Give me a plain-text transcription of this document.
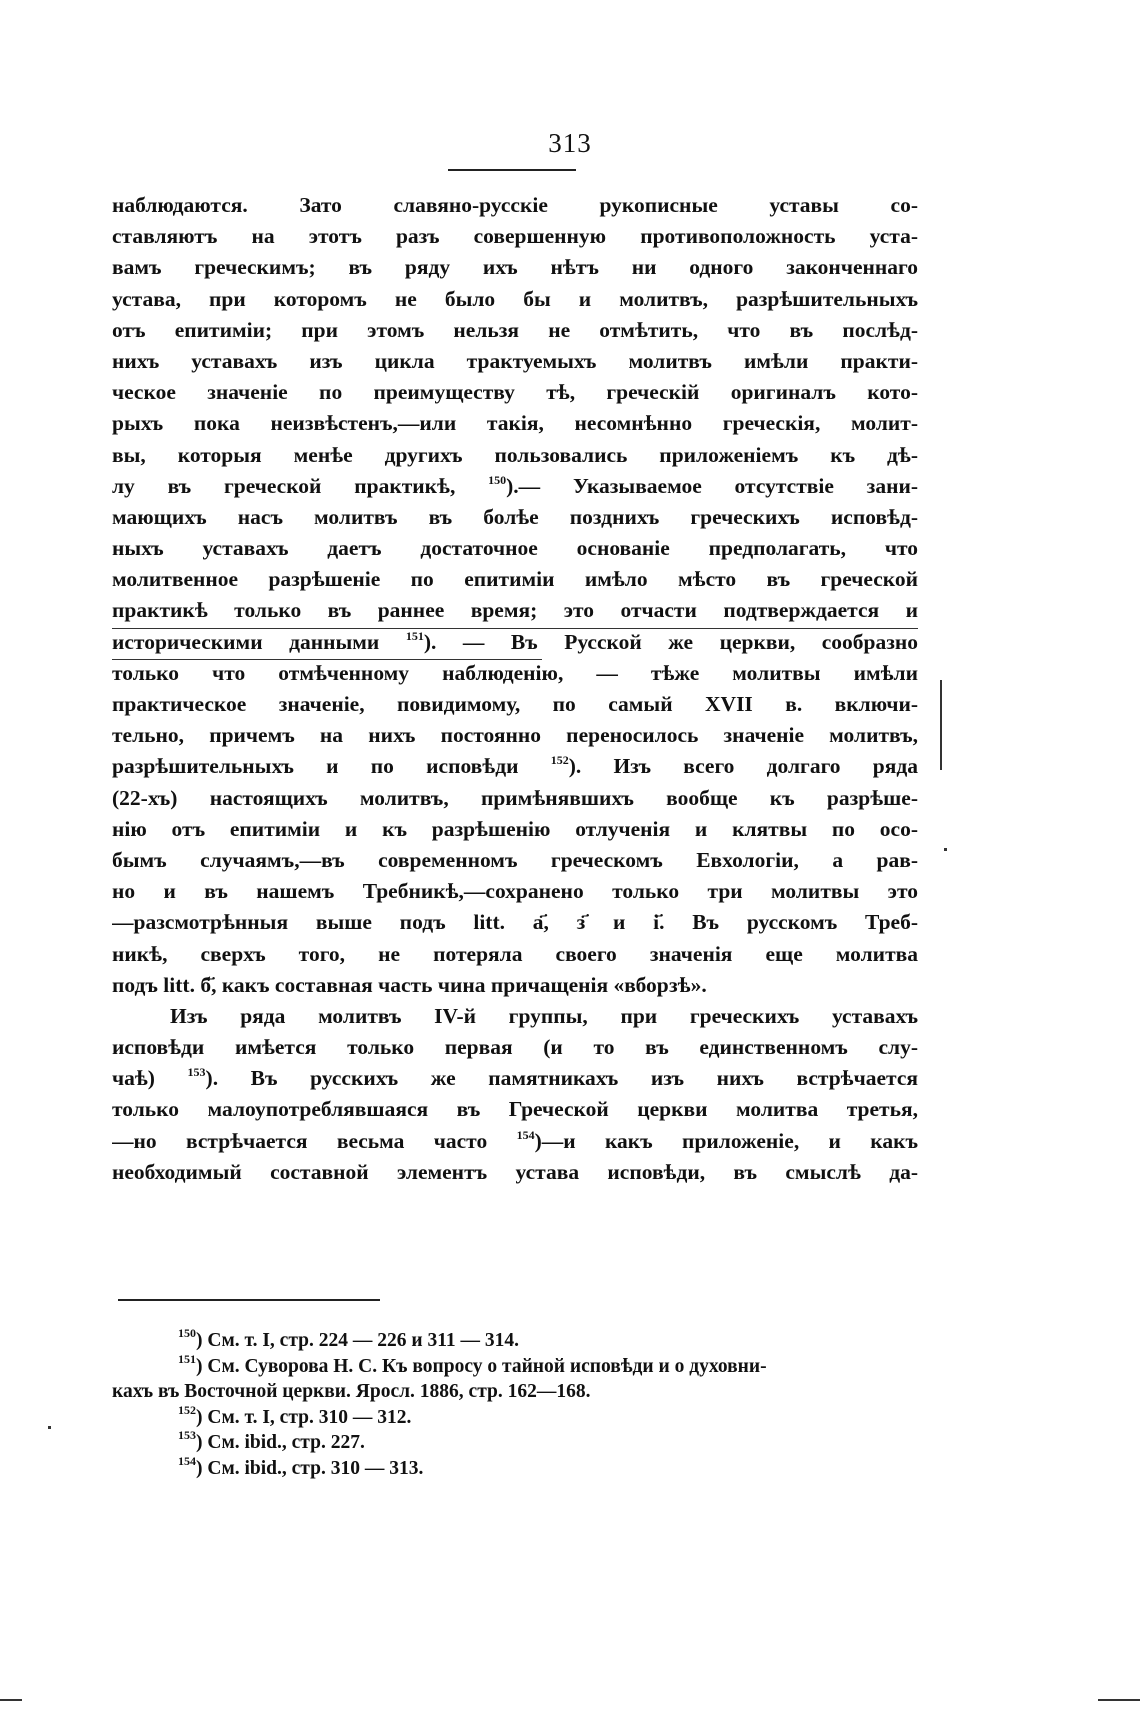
313
наблюдаются. Зато славяно-русскіе рукописные уставы со-
ставляютъ на этотъ разъ совершенную противоположность уста-
вамъ греческимъ; въ ряду ихъ нѣтъ ни одного законченнаго
устава, при которомъ не было бы и молитвъ, разрѣшительныхъ
отъ епитиміи; при этомъ нельзя не отмѣтить, что въ послѣд-
нихъ уставахъ изъ цикла трактуемыхъ молитвъ имѣли практи-
ческое значеніе по преимуществу тѣ, греческій оригиналъ кото-
рыхъ пока неизвѣстенъ,—или такія, несомнѣнно греческія, молит-
вы, которыя менѣе другихъ пользовались приложеніемъ къ дѣ-
лу въ греческой практикѣ,	$^{150}$).— Указываемое отсутствіе зани-
мающихъ насъ молитвъ въ болѣе позднихъ греческихъ исповѣд-
ныхъ уставахъ даетъ достаточное основаніе предполагать, что
молитвенное разрѣшеніе по епитиміи имѣло мѣсто въ греческой
практикѣ только въ раннее время; это отчасти подтверждается и
историческими данными $^{151}$). — Въ Русской же церкви, сообразно
только что отмѣченному наблюденію, — тѣже молитвы имѣли
практическое значеніе, повидимому, по самый XVII в. включи-
тельно, причемъ на нихъ постоянно переносилось значеніе молитвъ,
разрѣшительныхъ и по исповѣди	$^{152}$). Изъ всего долгаго ряда
(22-хъ) настоящихъ молитвъ, примѣнявшихъ вообще къ разрѣше-
нію отъ епитиміи и къ разрѣшенію отлученія и клятвы по осо-
бымъ случаямъ,—въ современномъ греческомъ Евхологіи, а рав-
но и въ нашемъ Требникѣ,—сохранено только три молитвы это
—разсмотрѣнныя выше подъ litt. а҃, з҃ и і҃. Въ русскомъ Треб-
никѣ, сверхъ того, не потеряла своего значенія еще молитва
подъ litt. б҃, какъ составная часть чина причащенія «вборзѣ».
Изъ ряда молитвъ IV-й группы, при греческихъ уставахъ
исповѣди имѣется только первая (и то въ единственномъ слу-
чаѣ)	$^{153}$). Въ русскихъ же памятникахъ изъ нихъ встрѣчается
только малоупотреблявшаяся въ Греческой церкви молитва третья,
—но встрѣчается весьма часто $^{154}$)—и какъ приложеніе, и какъ
необходимый составной элементъ устава исповѣди, въ смыслѣ да-
$^{150}$) См. т. I, стр. 224 — 226 и 311 — 314.
$^{151}$) См. Суворова Н. С. Къ вопросу о тайной исповѣди и о духовни-
кахъ въ Восточной церкви. Яросл. 1886, стр. 162—168.
$^{152}$) См. т. I, стр. 310 — 312.
$^{153}$) См. ibid., стр. 227.
$^{154}$) См. ibid., стр. 310 — 313.
